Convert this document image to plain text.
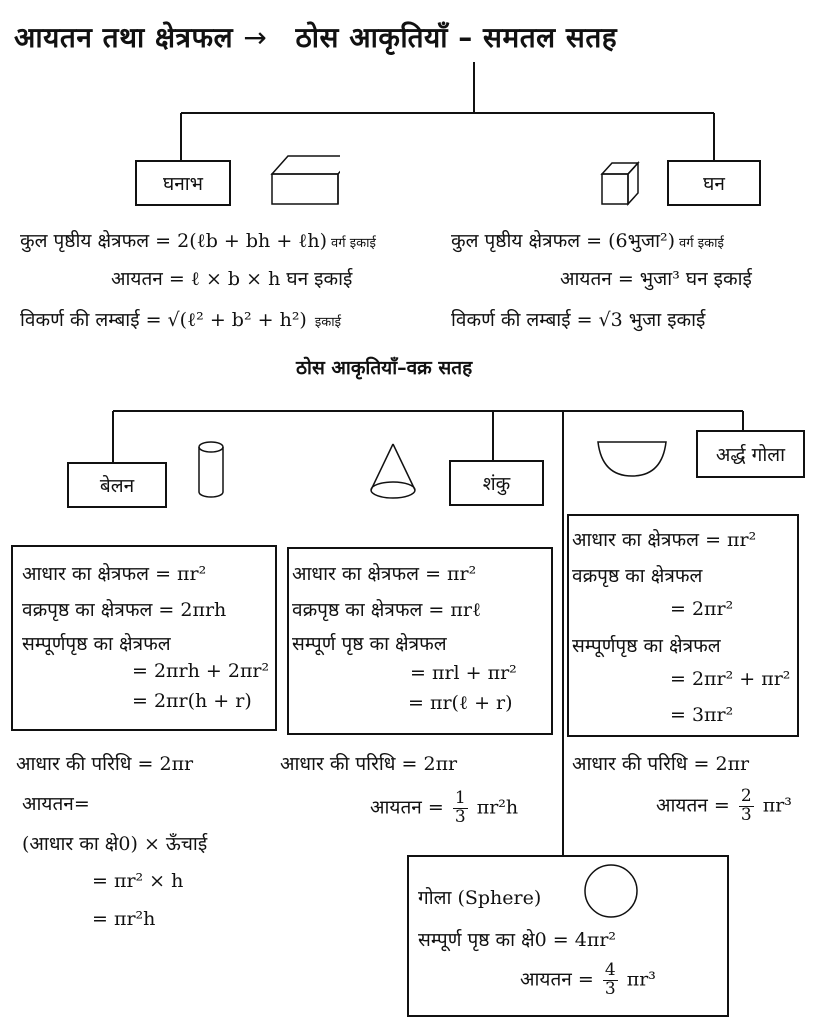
आयतन तथा क्षेत्रफल → ठोस आकृतियाँ – समतल सतह
घनाभ	घन
कुल पृष्ठीय क्षेत्रफल = 2(ℓb + bh + ℓh) वर्ग इकाई
आयतन = ℓ × b × h घन इकाई
विकर्ण की लम्बाई = √(ℓ² + b² + h²) इकाई
कुल पृष्ठीय क्षेत्रफल = (6भुजा²) वर्ग इकाई
आयतन = भुजा³ घन इकाई
विकर्ण की लम्बाई = √3 भुजा इकाई
ठोस आकृतियाँ–वक्र सतह
बेलन	शंकु
अर्द्ध गोला
आधार का क्षेत्रफल = πr²
वक्रपृष्ठ का क्षेत्रफल = 2πrh
सम्पूर्णपृष्ठ का क्षेत्रफल
= 2πrh + 2πr²
= 2πr(h + r)
आधार का क्षेत्रफल = πr²
वक्रपृष्ठ का क्षेत्रफल = πrℓ
सम्पूर्ण पृष्ठ का क्षेत्रफल
= πrl + πr²
= πr(ℓ + r)
आधार का क्षेत्रफल = πr²
वक्रपृष्ठ का क्षेत्रफल
= 2πr²
सम्पूर्णपृष्ठ का क्षेत्रफल
= 2πr² + πr²
= 3πr²
आधार की परिधि = 2πr	आधार की परिधि = 2πr	आधार की परिधि = 2πr
आयतन=
(आधार का क्षे0) × ऊँचाई
= πr² × h
= πr²h
आयतन = $\frac{1}{3} \pi r^2h$	आयतन = $\frac{2}{3} \pi r^3$
गोला (Sphere)
सम्पूर्ण पृष्ठ का क्षे0 = 4πr²
आयतन = $\frac{4}{3} \pi r^3$
